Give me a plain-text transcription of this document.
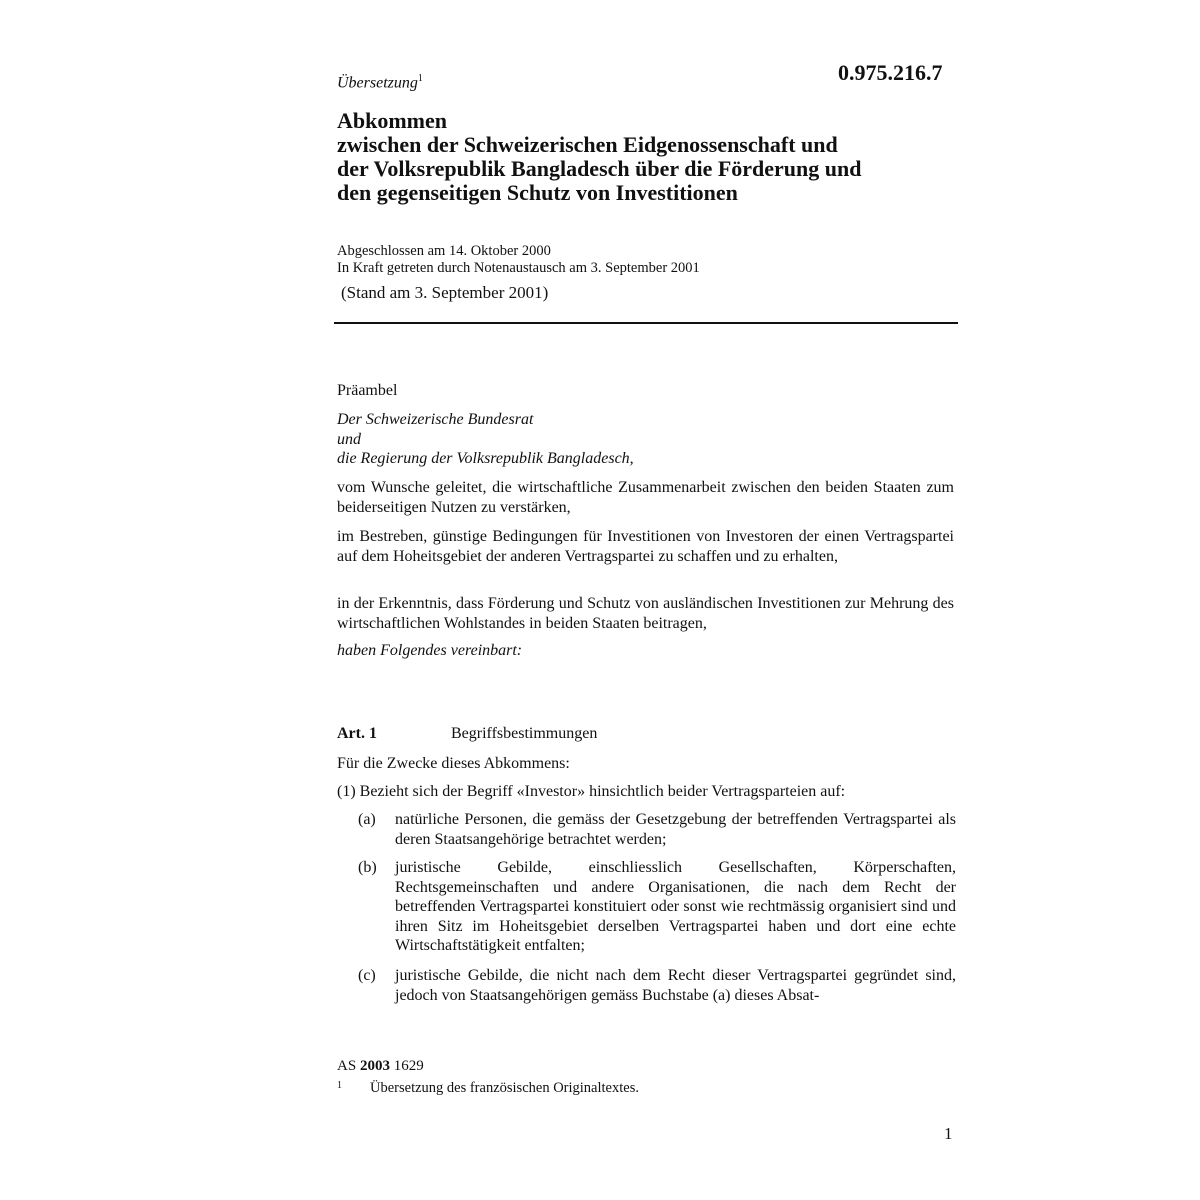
0.975.216.7
Übersetzung$^1$
Abkommen
zwischen der Schweizerischen Eidgenossenschaft und
der Volksrepublik Bangladesch über die Förderung und
den gegenseitigen Schutz von Investitionen
Abgeschlossen am 14. Oktober 2000
In Kraft getreten durch Notenaustausch am 3. September 2001
(Stand am 3. September 2001)
Präambel
Der Schweizerische Bundesrat
und
die Regierung der Volksrepublik Bangladesch,
vom Wunsche geleitet, die wirtschaftliche Zusammenarbeit zwischen den beiden Staaten zum beiderseitigen Nutzen zu verstärken,
im Bestreben, günstige Bedingungen für Investitionen von Investoren der einen Vertragspartei auf dem Hoheitsgebiet der anderen Vertragspartei zu schaffen und zu erhalten,
in der Erkenntnis, dass Förderung und Schutz von ausländischen Investitionen zur Mehrung des wirtschaftlichen Wohlstandes in beiden Staaten beitragen,
haben Folgendes vereinbart:
Art. 1	Begriffsbestimmungen
Für die Zwecke dieses Abkommens:
(1) Bezieht sich der Begriff «Investor» hinsichtlich beider Vertragsparteien auf:
(a) natürliche Personen, die gemäss der Gesetzgebung der betreffenden Vertragspartei als deren Staatsangehörige betrachtet werden;
(b) juristische Gebilde, einschliesslich Gesellschaften, Körperschaften, Rechtsgemeinschaften und andere Organisationen, die nach dem Recht der betreffenden Vertragspartei konstituiert oder sonst wie rechtmässig organisiert sind und ihren Sitz im Hoheitsgebiet derselben Vertragspartei haben und dort eine echte Wirtschaftstätigkeit entfalten;
(c) juristische Gebilde, die nicht nach dem Recht dieser Vertragspartei gegründet sind, jedoch von Staatsangehörigen gemäss Buchstabe (a) dieses Absat-
AS 2003 1629
1 Übersetzung des französischen Originaltextes.
1
